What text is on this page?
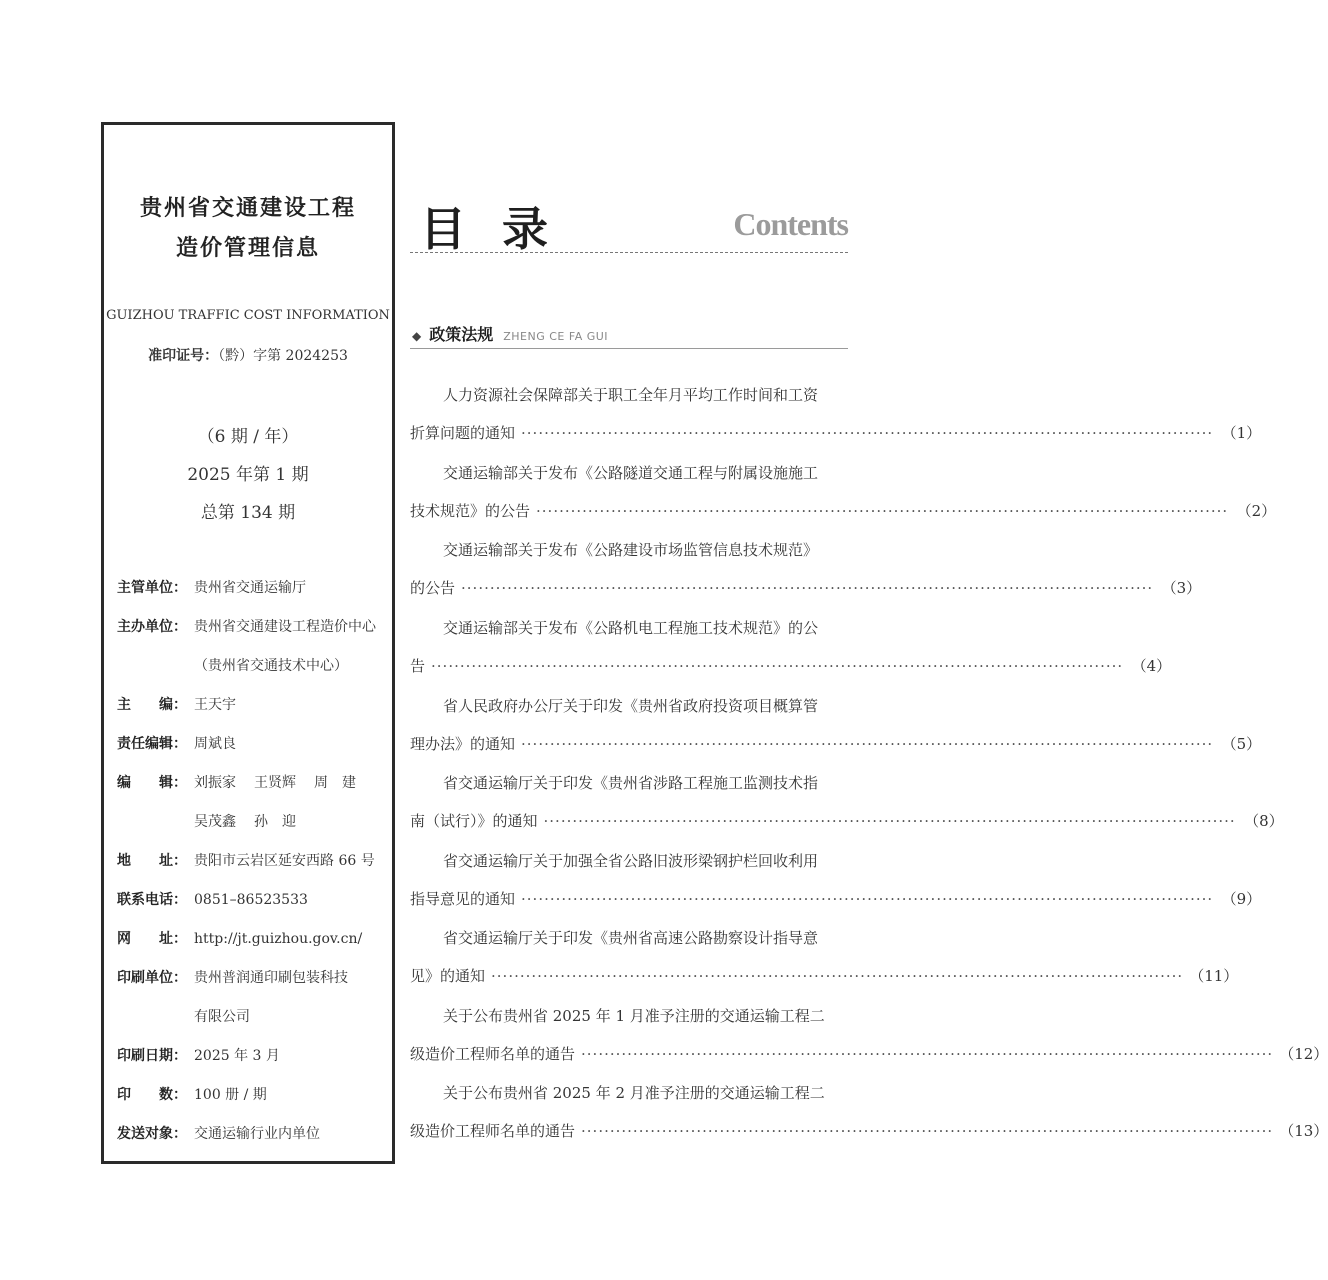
贵州省交通建设工程
造价管理信息
GUIZHOU TRAFFIC COST INFORMATION
准印证号：（黔）字第 2024253
（6 期 / 年）
2025 年第 1 期
总第 134 期
主管单位： 贵州省交通运输厅
主办单位： 贵州省交通建设工程造价中心
（贵州省交通技术中心）
主　　编： 王天宇
责任编辑： 周斌良
编　　辑： 刘振家 王贤辉 周　建
吴茂鑫 孙　迎
地　　址： 贵阳市云岩区延安西路 66 号
联系电话： 0851–86523533
网　　址： http://jt.guizhou.gov.cn/
印刷单位： 贵州普润通印刷包装科技
有限公司
印刷日期： 2025 年 3 月
印　　数： 100 册 / 期
发送对象： 交通运输行业内单位
目 录	Contents
◆ 政策法规 ZHENG CE FA GUI
人力资源社会保障部关于职工全年月平均工作时间和工资
折算问题的通知 ························································································································ （1）
交通运输部关于发布《公路隧道交通工程与附属设施施工
技术规范》的公告 ························································································································ （2）
交通运输部关于发布《公路建设市场监管信息技术规范》
的公告 ························································································································ （3）
交通运输部关于发布《公路机电工程施工技术规范》的公
告 ························································································································ （4）
省人民政府办公厅关于印发《贵州省政府投资项目概算管
理办法》的通知 ························································································································ （5）
省交通运输厅关于印发《贵州省涉路工程施工监测技术指
南（试行）》的通知 ························································································································ （8）
省交通运输厅关于加强全省公路旧波形梁钢护栏回收利用
指导意见的通知 ························································································································ （9）
省交通运输厅关于印发《贵州省高速公路勘察设计指导意
见》的通知 ························································································································ （11）
关于公布贵州省 2025 年 1 月准予注册的交通运输工程二
级造价工程师名单的通告 ························································································································ （12）
关于公布贵州省 2025 年 2 月准予注册的交通运输工程二
级造价工程师名单的通告 ························································································································ （13）
